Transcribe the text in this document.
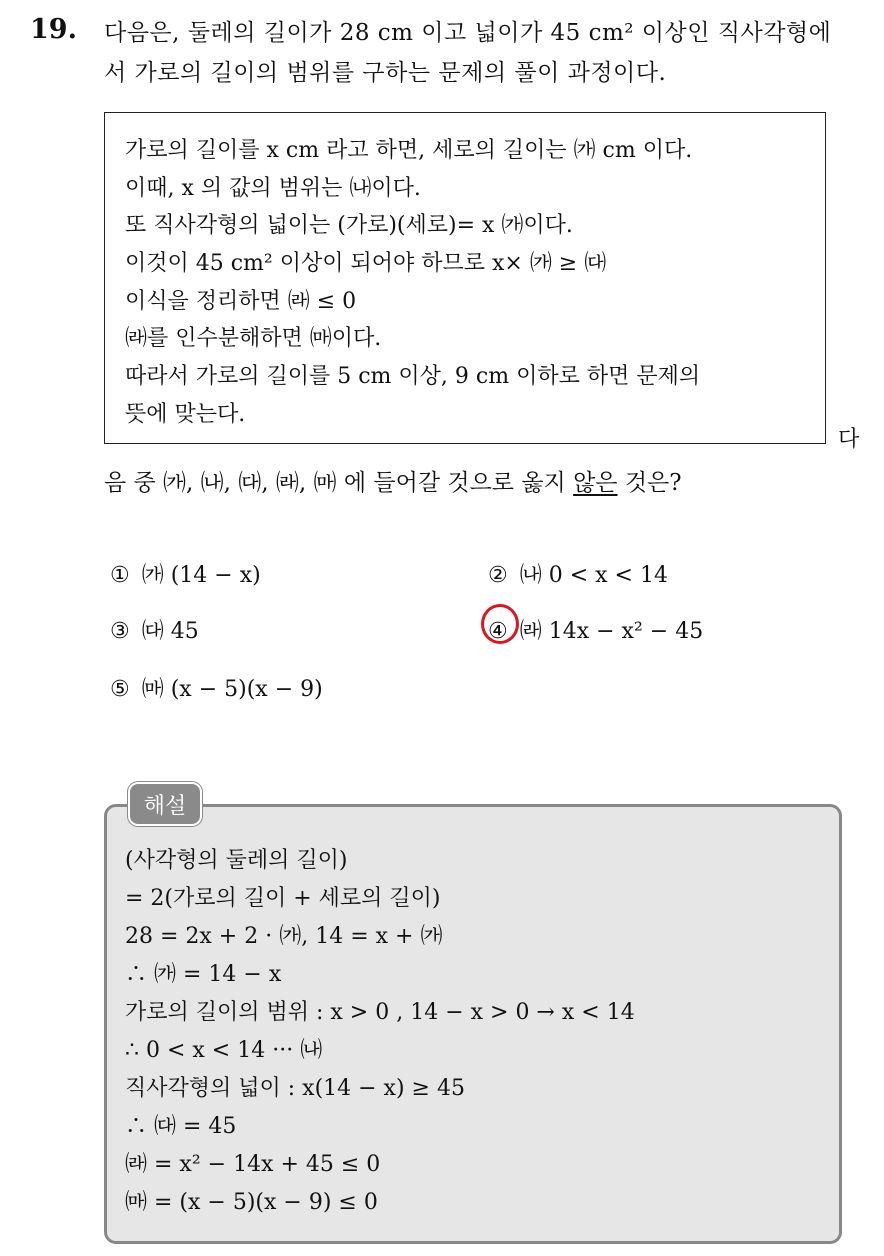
19. 다음은, 둘레의 길이가 28 cm 이고 넓이가 45 cm² 이상인 직사각형에
서 가로의 길이의 범위를 구하는 문제의 풀이 과정이다.
가로의 길이를 x cm 라고 하면, 세로의 길이는 ㈎ cm 이다.
이때, x 의 값의 범위는 ㈏이다.
또 직사각형의 넓이는 (가로)(세로)= x ㈎이다.
이것이 45 cm² 이상이 되어야 하므로 x× ㈎ ≥ ㈐
이식을 정리하면 ㈑ ≤ 0
㈑를 인수분해하면 ㈒이다.
따라서 가로의 길이를 5 cm 이상, 9 cm 이하로 하면 문제의
뜻에 맞는다.
다
음 중 ㈎, ㈏, ㈐, ㈑, ㈒ 에 들어갈 것으로 옳지 않은 것은?
① ㈎ (14 − x)	② ㈏ 0 < x < 14
③ ㈐ 45	④ ㈑ 14x − x² − 45
⑤ ㈒ (x − 5)(x − 9)
(사각형의 둘레의 길이)
= 2(가로의 길이 + 세로의 길이)
28 = 2x + 2 · ㈎, 14 = x + ㈎
∴ ㈎ = 14 − x
가로의 길이의 범위 : x > 0 , 14 − x > 0 → x < 14
∴ 0 < x < 14 ··· ㈏
직사각형의 넓이 : x(14 − x) ≥ 45
∴ ㈐ = 45
㈑ = x² − 14x + 45 ≤ 0
㈒ = (x − 5)(x − 9) ≤ 0
해설
